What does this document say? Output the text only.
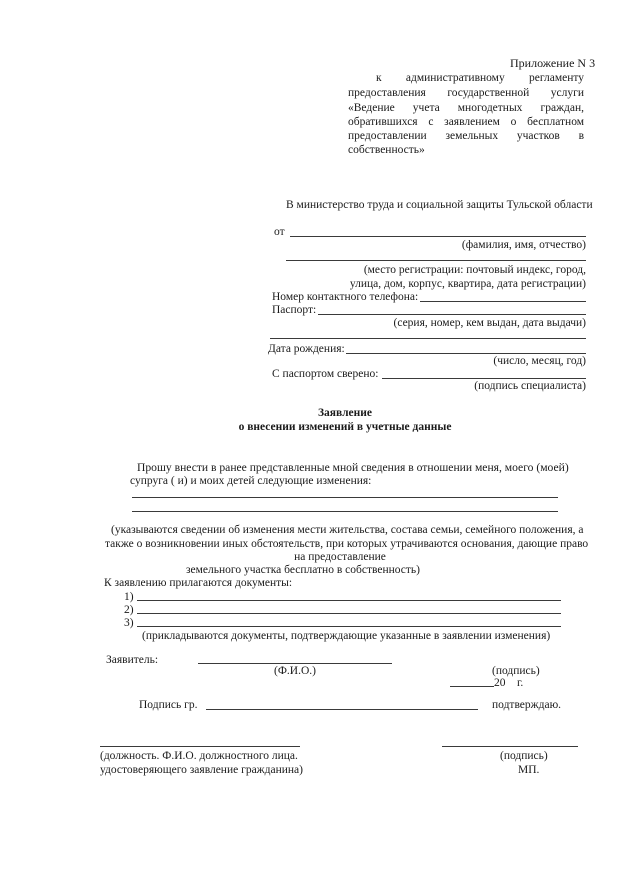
Приложение N 3
к административному регламенту
предоставления государственной услуги
«Ведение учета многодетных граждан,
обратившихся с заявлением о бесплатном
предоставлении земельных участков в
собственность»
В министерство труда и социальной защиты Тульской области
от
(фамилия, имя, отчество)
(место регистрации: почтовый индекс, город,
улица, дом, корпус, квартира, дата регистрации)
Номер контактного телефона:
Паспорт:
(серия, номер, кем выдан, дата выдачи)
Дата рождения:
(число, месяц, год)
С паспортом сверено:
(подпись специалиста)
Заявление
о внесении изменений в учетные данные
Прошу внести в ранее представленные мной сведения в отношении меня, моего (моей)
супруга ( и) и моих детей следующие изменения:
(указываются сведении об изменения мести жительства, состава семьи, семейного положения, а
также о возникновении иных обстоятельств, при которых утрачиваются основания, дающие право
на предоставление
земельного участка бесплатно в собственность)
К заявлению прилагаются документы:
1)
2)
3)
(прикладываются документы, подтверждающие указанные в заявлении изменения)
Заявитель:
(Ф.И.О.)	(подпись)
20    г.
Подпись гр.	подтверждаю.
(должность. Ф.И.О. должностного лица.
удостоверяющего заявление гражданина)
(подпись)
МП.
